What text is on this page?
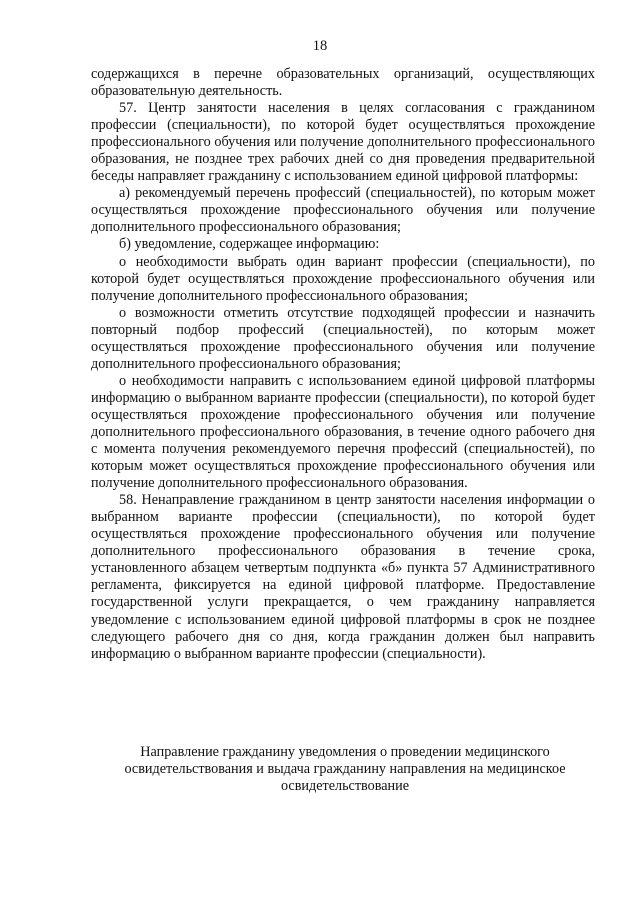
18

содержащихся в перечне образовательных организаций, осуществляющих образовательную деятельность.

57. Центр занятости населения в целях согласования с гражданином профессии (специальности), по которой будет осуществляться прохождение профессионального обучения или получение дополнительного профессионального образования, не позднее трех рабочих дней со дня проведения предварительной беседы направляет гражданину с использованием единой цифровой платформы:

а) рекомендуемый перечень профессий (специальностей), по которым может осуществляться прохождение профессионального обучения или получение дополнительного профессионального образования;

б) уведомление, содержащее информацию:

о необходимости выбрать один вариант профессии (специальности), по которой будет осуществляться прохождение профессионального обучения или получение дополнительного профессионального образования;

о возможности отметить отсутствие подходящей профессии и назначить повторный подбор профессий (специальностей), по которым может осуществляться прохождение профессионального обучения или получение дополнительного профессионального образования;

о необходимости направить с использованием единой цифровой платформы информацию о выбранном варианте профессии (специальности), по которой будет осуществляться прохождение профессионального обучения или получение дополнительного профессионального образования, в течение одного рабочего дня с момента получения рекомендуемого перечня профессий (специальностей), по которым может осуществляться прохождение профессионального обучения или получение дополнительного профессионального образования.

58. Ненаправление гражданином в центр занятости населения информации о выбранном варианте профессии (специальности), по которой будет осуществляться прохождение профессионального обучения или получение дополнительного профессионального образования в течение срока, установленного абзацем четвертым подпункта «б» пункта 57 Административного регламента, фиксируется на единой цифровой платформе. Предоставление государственной услуги прекращается, о чем гражданину направляется уведомление с использованием единой цифровой платформы в срок не позднее следующего рабочего дня со дня, когда гражданин должен был направить информацию о выбранном варианте профессии (специальности).

Направление гражданину уведомления о проведении медицинского освидетельствования и выдача гражданину направления на медицинское освидетельствование
